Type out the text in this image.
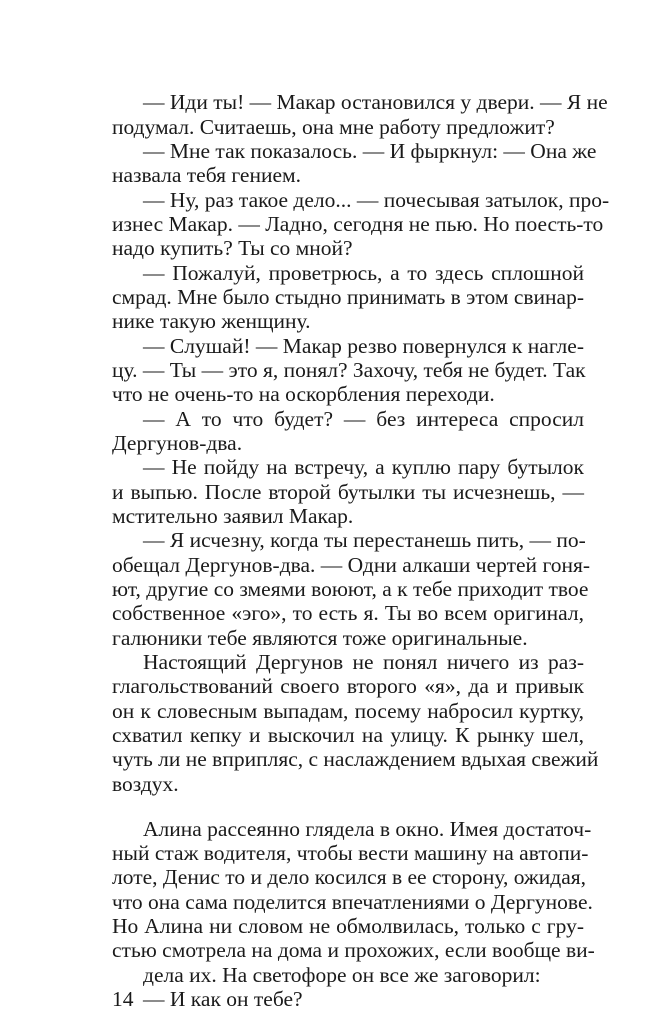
— Иди ты! — Макар остановился у двери. — Я не
подумал. Считаешь, она мне работу предложит?
— Мне так показалось. — И фыркнул: — Она же
назвала тебя гением.
— Ну, раз такое дело... — почесывая затылок, про-
изнес Макар. — Ладно, сегодня не пью. Но поесть-то
надо купить? Ты со мной?
— Пожалуй, проветрюсь, а то здесь сплошной
смрад. Мне было стыдно принимать в этом свинар-
нике такую женщину.
— Слушай! — Макар резво повернулся к нагле-
цу. — Ты — это я, понял? Захочу, тебя не будет. Так
что не очень-то на оскорбления переходи.
— А то что будет? — без интереса спросил
Дергунов-два.
— Не пойду на встречу, а куплю пару бутылок
и выпью. После второй бутылки ты исчезнешь, —
мстительно заявил Макар.
— Я исчезну, когда ты перестанешь пить, — по-
обещал Дергунов-два. — Одни алкаши чертей гоня-
ют, другие со змеями воюют, а к тебе приходит твое
собственное «эго», то есть я. Ты во всем оригинал,
галюники тебе являются тоже оригинальные.
Настоящий Дергунов не понял ничего из раз-
глагольствований своего второго «я», да и привык
он к словесным выпадам, посему набросил куртку,
схватил кепку и выскочил на улицу. К рынку шел,
чуть ли не вприпляс, с наслаждением вдыхая свежий
воздух.
Алина рассеянно глядела в окно. Имея достаточ-
ный стаж водителя, чтобы вести машину на автопи-
лоте, Денис то и дело косился в ее сторону, ожидая,
что она сама поделится впечатлениями о Дергунове.
Но Алина ни словом не обмолвилась, только с гру-
стью смотрела на дома и прохожих, если вообще ви-
дела их. На светофоре он все же заговорил:
— И как он тебе?
14
